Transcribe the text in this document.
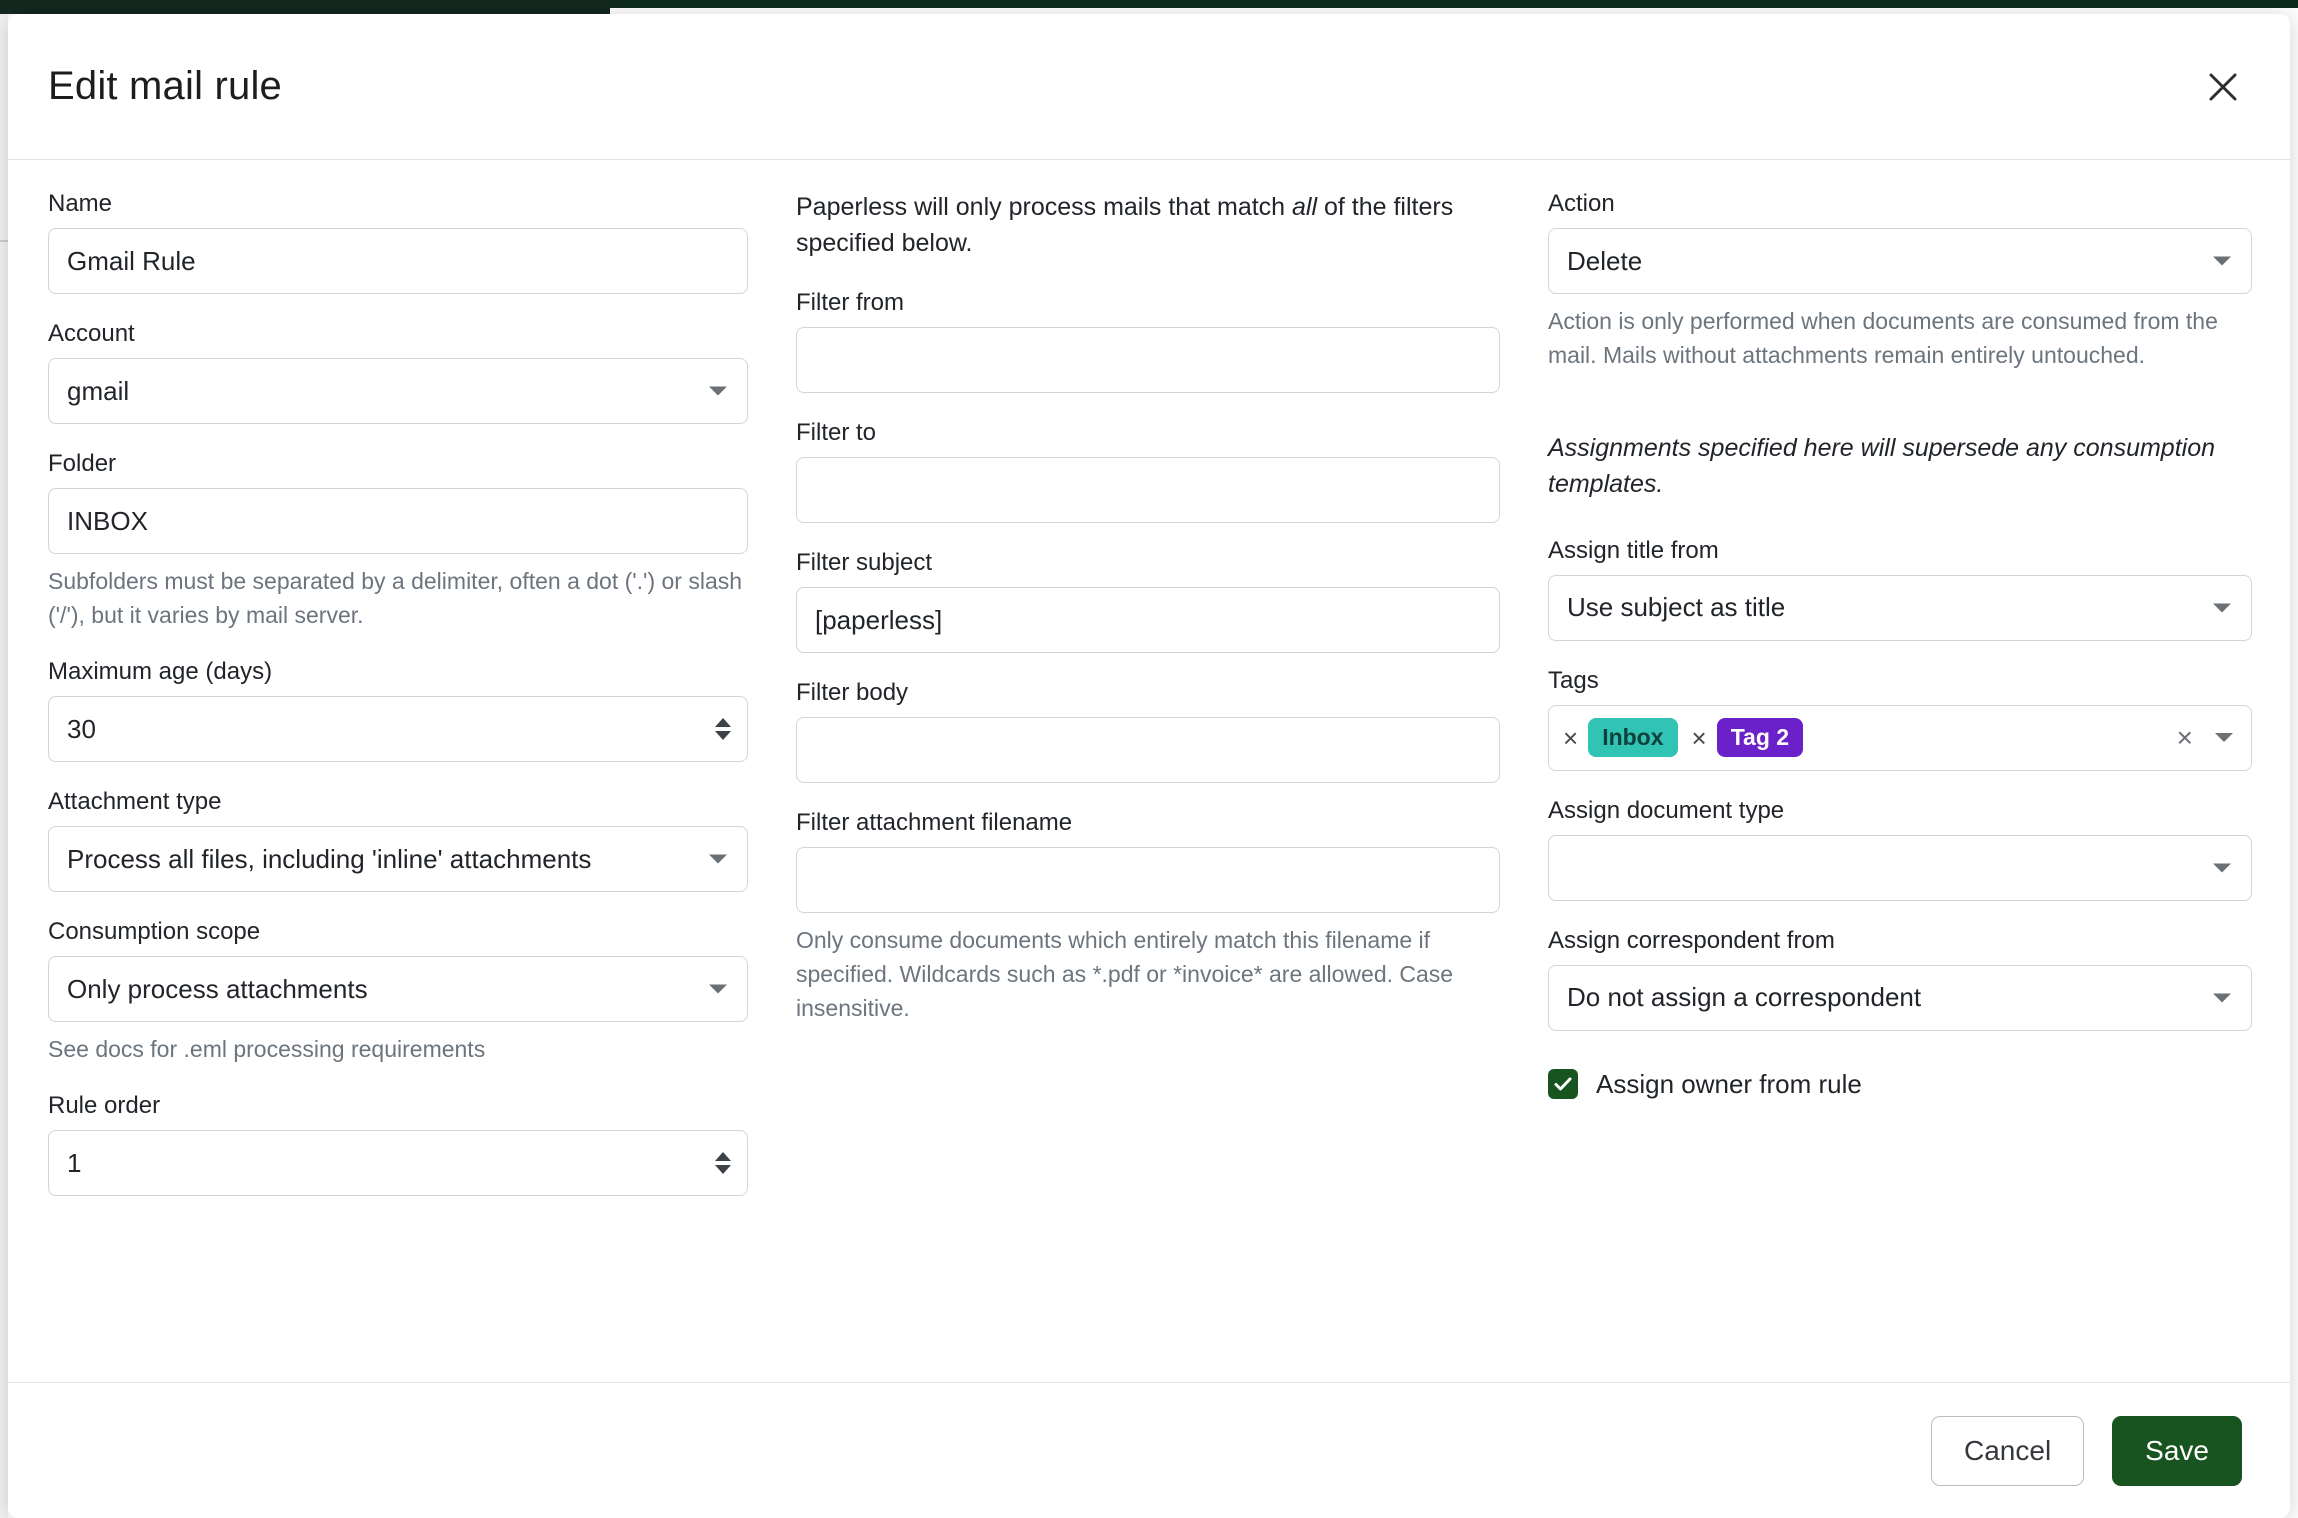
Edit mail rule
Name
Gmail Rule
Account
gmail
Folder
INBOX
Subfolders must be separated by a delimiter, often a dot ('.') or slash ('/'), but it varies by mail server.
Maximum age (days)
30
Attachment type
Process all files, including 'inline' attachments
Consumption scope
Only process attachments
See docs for .eml processing requirements
Rule order
1
Paperless will only process mails that match all of the filters specified below.
Filter from
Filter to
Filter subject
[paperless]
Filter body
Filter attachment filename
Only consume documents which entirely match this filename if specified. Wildcards such as *.pdf or *invoice* are allowed. Case insensitive.
Action
Delete
Action is only performed when documents are consumed from the mail. Mails without attachments remain entirely untouched.
Assignments specified here will supersede any consumption templates.
Assign title from
Use subject as title
Tags
×	Inbox	×	Tag 2	×
Assign document type
Assign correspondent from
Do not assign a correspondent
Assign owner from rule
Cancel	Save
